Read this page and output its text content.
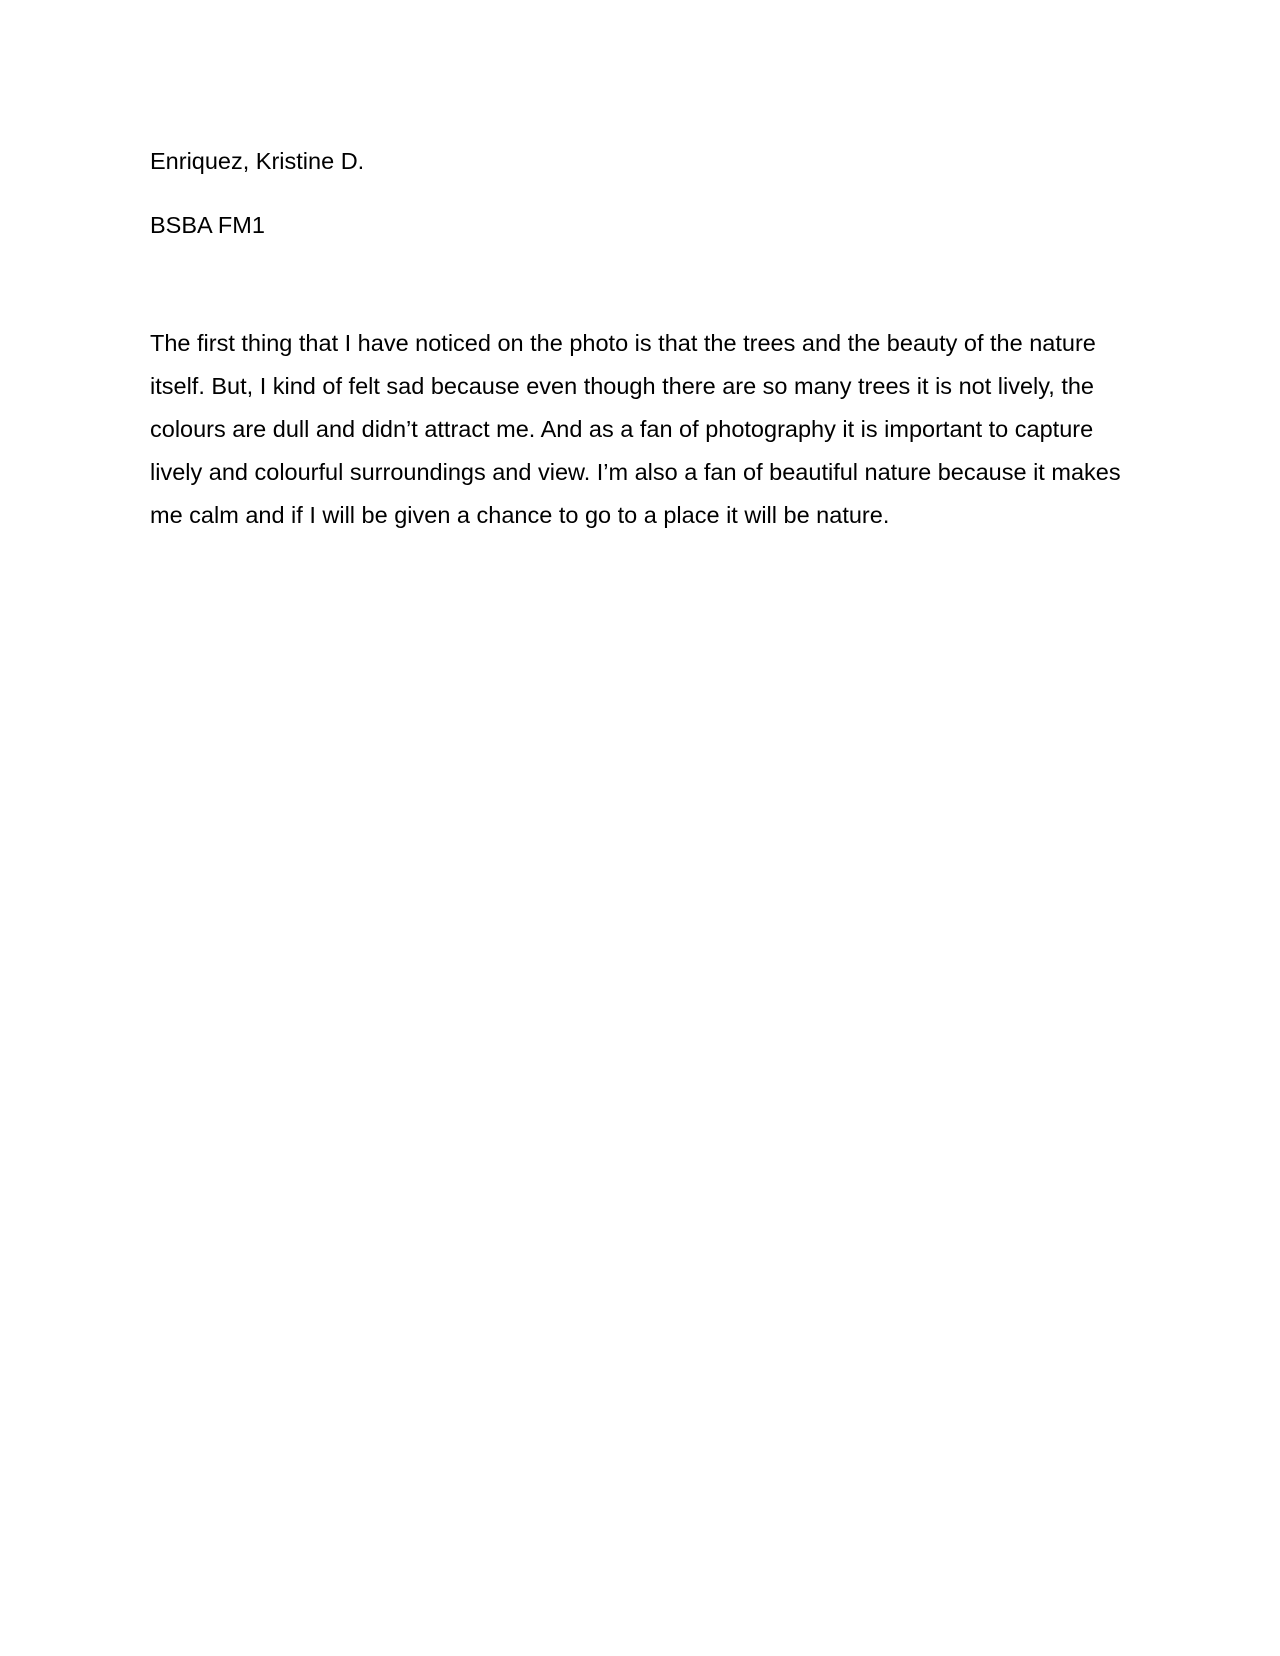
Enriquez, Kristine D.

BSBA FM1

The first thing that I have noticed on the photo is that the trees and the beauty of the nature itself. But, I kind of felt sad because even though there are so many trees it is not lively, the colours are dull and didn’t attract me. And as a fan of photography it is important to capture lively and colourful surroundings and view. I’m also a fan of beautiful nature because it makes me calm and if I will be given a chance to go to a place it will be nature.
